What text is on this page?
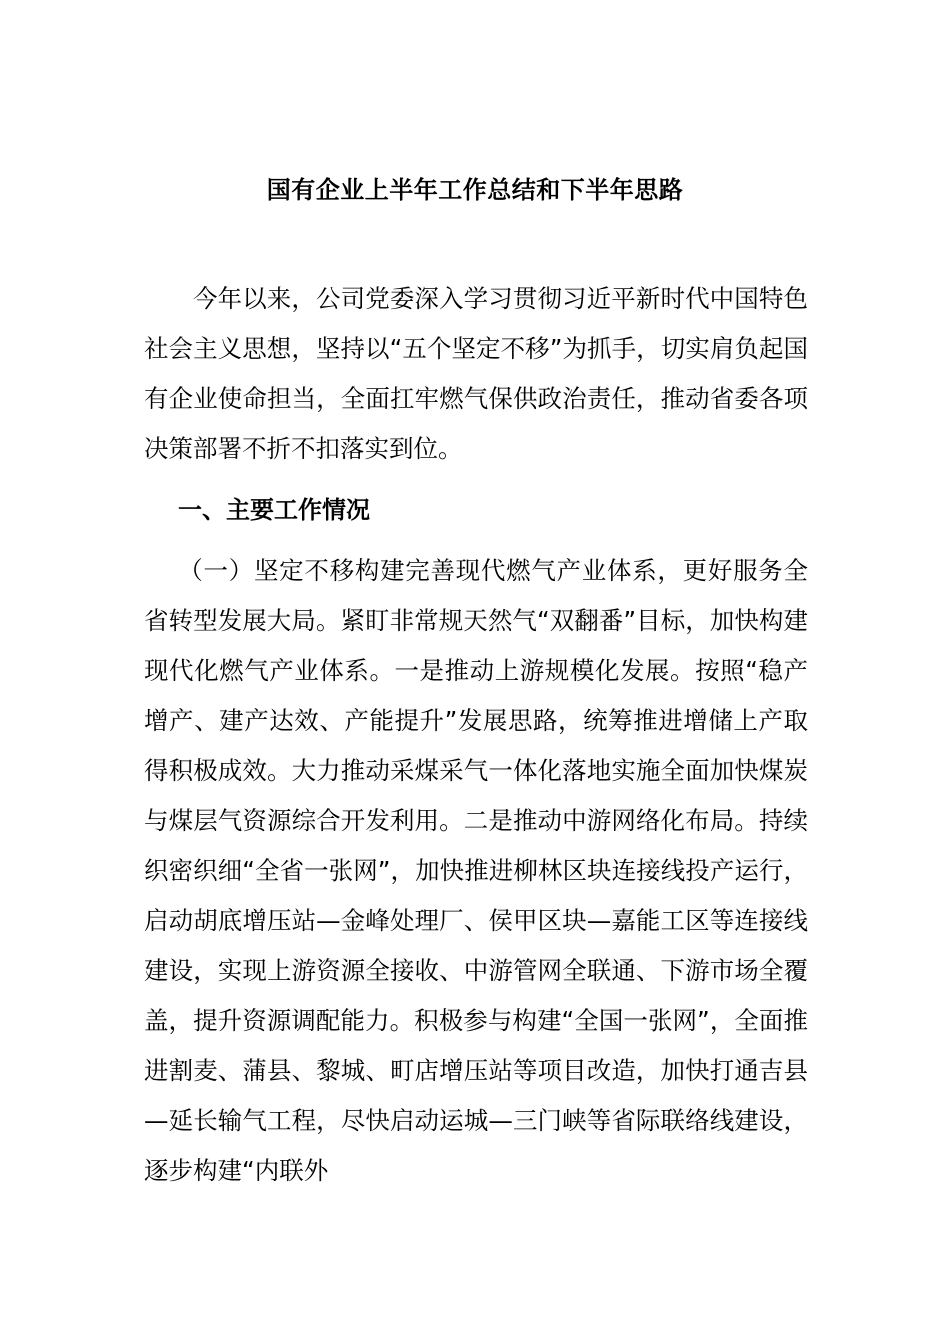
国有企业上半年工作总结和下半年思路

今年以来，公司党委深入学习贯彻习近平新时代中国特色社会主义思想，坚持以“五个坚定不移”为抓手，切实肩负起国有企业使命担当，全面扛牢燃气保供政治责任，推动省委各项决策部署不折不扣落实到位。

一、主要工作情况

（一）坚定不移构建完善现代燃气产业体系，更好服务全省转型发展大局。紧盯非常规天然气“双翻番”目标，加快构建现代化燃气产业体系。一是推动上游规模化发展。按照“稳产增产、建产达效、产能提升”发展思路，统筹推进增储上产取得积极成效。大力推动采煤采气一体化落地实施全面加快煤炭与煤层气资源综合开发利用。二是推动中游网络化布局。持续织密织细“全省一张网”，加快推进柳林区块连接线投产运行，启动胡底增压站—金峰处理厂、侯甲区块—嘉能工区等连接线建设，实现上游资源全接收、中游管网全联通、下游市场全覆盖，提升资源调配能力。积极参与构建“全国一张网”，全面推进割麦、蒲县、黎城、町店增压站等项目改造，加快打通吉县—延长输气工程，尽快启动运城—三门峡等省际联络线建设，逐步构建“内联外
